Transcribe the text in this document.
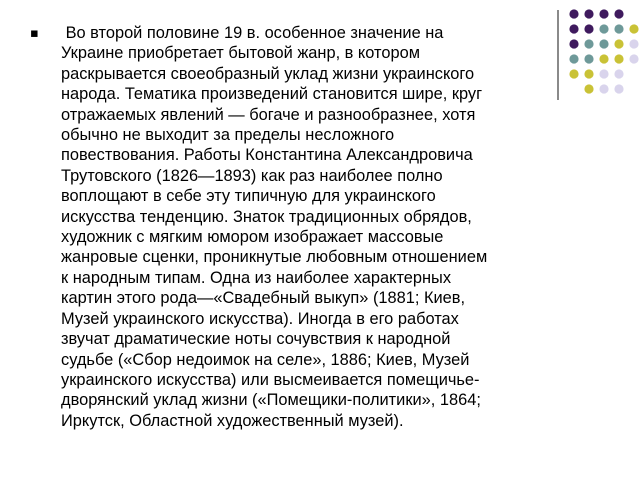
▪ Во второй половине 19 в. особенное значение на
Украине приобретает бытовой жанр, в котором
раскрывается своеобразный уклад жизни украинского
народа. Тематика произведений становится шире, круг
отражаемых явлений — богаче и разнообразнее, хотя
обычно не выходит за пределы несложного
повествования. Работы Константина Александровича
Трутовского (1826—1893) как раз наиболее полно
воплощают в себе эту типичную для украинского
искусства тенденцию. Знаток традиционных обрядов,
художник с мягким юмором изображает массовые
жанровые сценки, проникнутые любовным отношением
к народным типам. Одна из наиболее характерных
картин этого рода—«Свадебный выкуп» (1881; Киев,
Музей украинского искусства). Иногда в его работах
звучат драматические ноты сочувствия к народной
судьбе («Сбор недоимок на селе», 1886; Киев, Музей
украинского искусства) или высмеивается помещичье-
дворянский уклад жизни («Помещики-политики», 1864;
Иркутск, Областной художественный музей).
